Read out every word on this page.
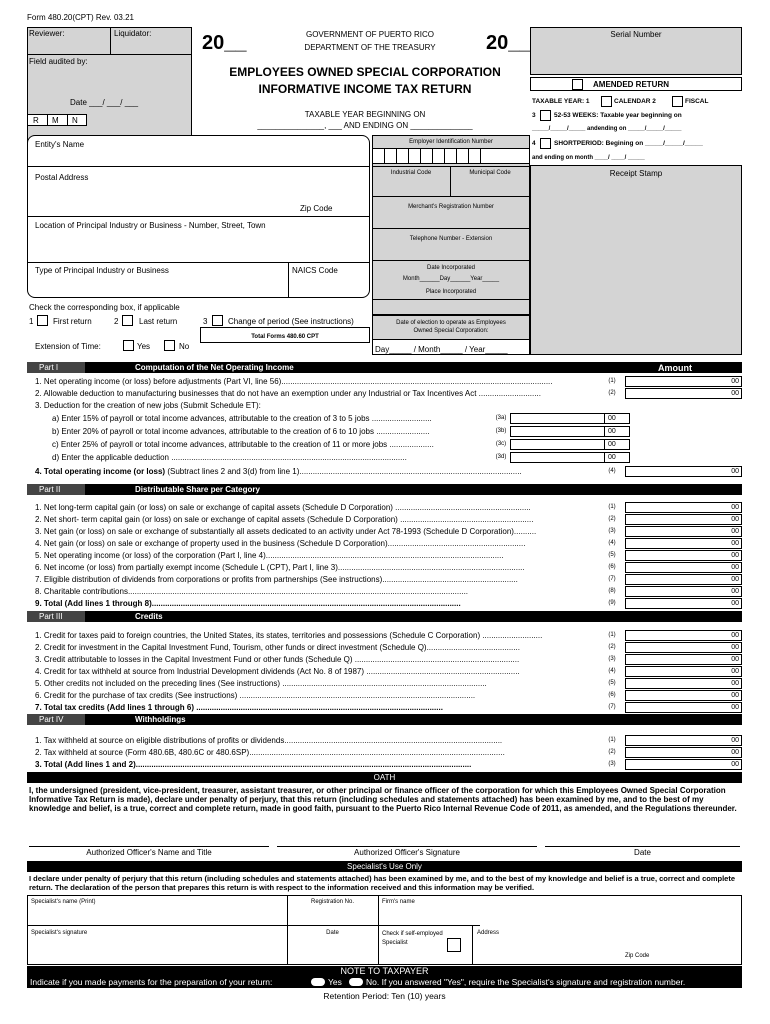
Form 480.20(CPT) Rev. 03.21
Reviewer:	Liquidator:
Field audited by:
Date ___/ ___/ ___
R M N
20__	20__
GOVERNMENT OF PUERTO RICO
DEPARTMENT OF THE TREASURY
EMPLOYEES OWNED SPECIAL CORPORATION
INFORMATIVE INCOME TAX RETURN
TAXABLE YEAR BEGINNING ON
_______________, ___ AND ENDING ON ______________
Serial Number
AMENDED RETURN
TAXABLE YEAR: 1	CALENDAR 2	FISCAL
3	52-53 WEEKS: Taxable year beginning on
_____/_____/_____ andending on _____/_____/_____
4	SHORTPERIOD: Begining on _____/_____/_____
and ending on month ____/ ____/ _____
Receipt Stamp
Entity's Name
Postal Address
Zip Code
Location of Principal Industry or Business - Number, Street, Town
Type of Principal Industry or Business	NAICS Code
Employer Identification Number
Industrial Code	Municipal Code
Merchant's Registration Number
Telephone Number - Extension
Date Incorporated
Month______Day______Year_____
Place Incorporated
Check the corresponding box, if applicable
1 First return	2	Last return	3	Change of period (See instructions)
Extension of Time:	Yes	No
Total Forms 480.60 CPT
Date of election to operate as Employees
Owned Special Corporation:
Day_____ / Month_____ / Year_____
Part I	Computation of the Net Operating Income	Amount
1. Net operating income (or loss) before adjustments (Part VI, line 56)..........................................................................................................................	(1)	00
2. Allowable deduction to manufacturing businesses that do not have an exemption under any Industrial or Tax Incentives Act ............................	(2)	00
3. Deduction for the creation of new jobs (Submit Schedule ET):
a) Enter 15% of payroll or total income advances, attributable to the creation of 3 to 5 jobs ...........................	(3a)	00
b) Enter 20% of payroll or total income advances, attributable to the creation of 6 to 10 jobs ........................	(3b)	00
c) Enter 25% of payroll or total income advances, attributable to the creation of 11 or more jobs ....................	(3c)	00
d) Enter the applicable deduction ..........................................................................................................	(3d)	00
4. Total operating income (or loss) (Subtract lines 2 and 3(d) from line 1)....................................................................................................	(4)	00
Part II	Distributable Share per Category
1. Net long-term capital gain (or loss) on sale or exchange of capital assets (Schedule D Corporation) .............................................................	(1)	00
2. Net short- term capital gain (or loss) on sale or exchange of capital assets (Schedule D Corporation) ............................................................	(2)	00
3. Net gain (or loss) on sale or exchange of substantially all assets dedicated to an activity under Act 78-1993 (Schedule D Corporation)..........	(3)	00
4. Net gain (or loss) on sale or exchange of property used in the business (Schedule D Corporation)..............................................................	(4)	00
5. Net operating income (or loss) of the corporation (Part I, line 4)...........................................................................................................	(5)	00
6. Net income (or loss) from partially exempt income (Schedule L (CPT), Part I, line 3)....................................................................................	(6)	00
7. Eligible distribution of dividends from corporations or profits from partnerships (See instructions).............................................................	(7)	00
8. Charitable contributions.........................................................................................................................................................	(8)	00
9. Total (Add lines 1 through 8)...........................................................................................................................................	(9)	00
Part III	Credits
1. Credit for taxes paid to foreign countries, the United States, its states, territories and possessions (Schedule C Corporation) ...........................	(1)	00
2. Credit for investment in the Capital Investment Fund, Tourism, other funds or direct investment (Schedule Q)..........................................	(2)	00
3. Credit attributable to losses in the Capital Investment Fund or other funds (Schedule Q) ..........................................................................	(3)	00
4. Credit for tax withheld at source from Industrial Development dividends (Act No. 8 of 1987) .....................................................................	(4)	00
5. Other credits not included on the preceding lines (See instructions) ............................................................................................	(5)	00
6. Credit for the purchase of tax credits (See instructions) ..........................................................................................................	(6)	00
7. Total tax credits (Add lines 1 through 6) ...............................................................................................................	(7)	00
Part IV	Withholdings
1. Tax withheld at source on eligible distributions of profits or dividends..................................................................................................	(1)	00
2. Tax withheld at source (Form 480.6B, 480.6C or 480.6SP)...................................................................................................................	(2)	00
3. Total (Add lines 1 and 2).......................................................................................................................................................	(3)	00
OATH
I, the undersigned (president, vice-president, treasurer, assistant treasurer, or other principal or finance officer of the corporation for which this Employees Owned Special Corporation Informative Tax Return is made), declare under penalty of perjury, that this return (including schedules and statements attached) has been examined by me, and to the best of my knowledge and belief, is a true, correct and complete return, made in good faith, pursuant to the Puerto Rico Internal Revenue Code of 2011, as amended, and the Regulations thereunder.
Authorized Officer's Name and Title	Authorized Officer's Signature	Date
Specialist's Use Only
I declare under penalty of perjury that this return (including schedules and statements attached) has been examined by me, and to the best of my knowledge and belief is a true, correct and complete return. The declaration of the person that prepares this return is with respect to the information received and this information may be verified.
Specialist's name (Print)	Registration No.	Firm's name
Specialist's signature	Date	Check if self-employed
Specialist
Address
Zip Code
NOTE TO TAXPAYER
Indicate if you made payments for the preparation of your return:	Yes	No. If you answered "Yes", require the Specialist's signature and registration number.
Retention Period: Ten (10) years
